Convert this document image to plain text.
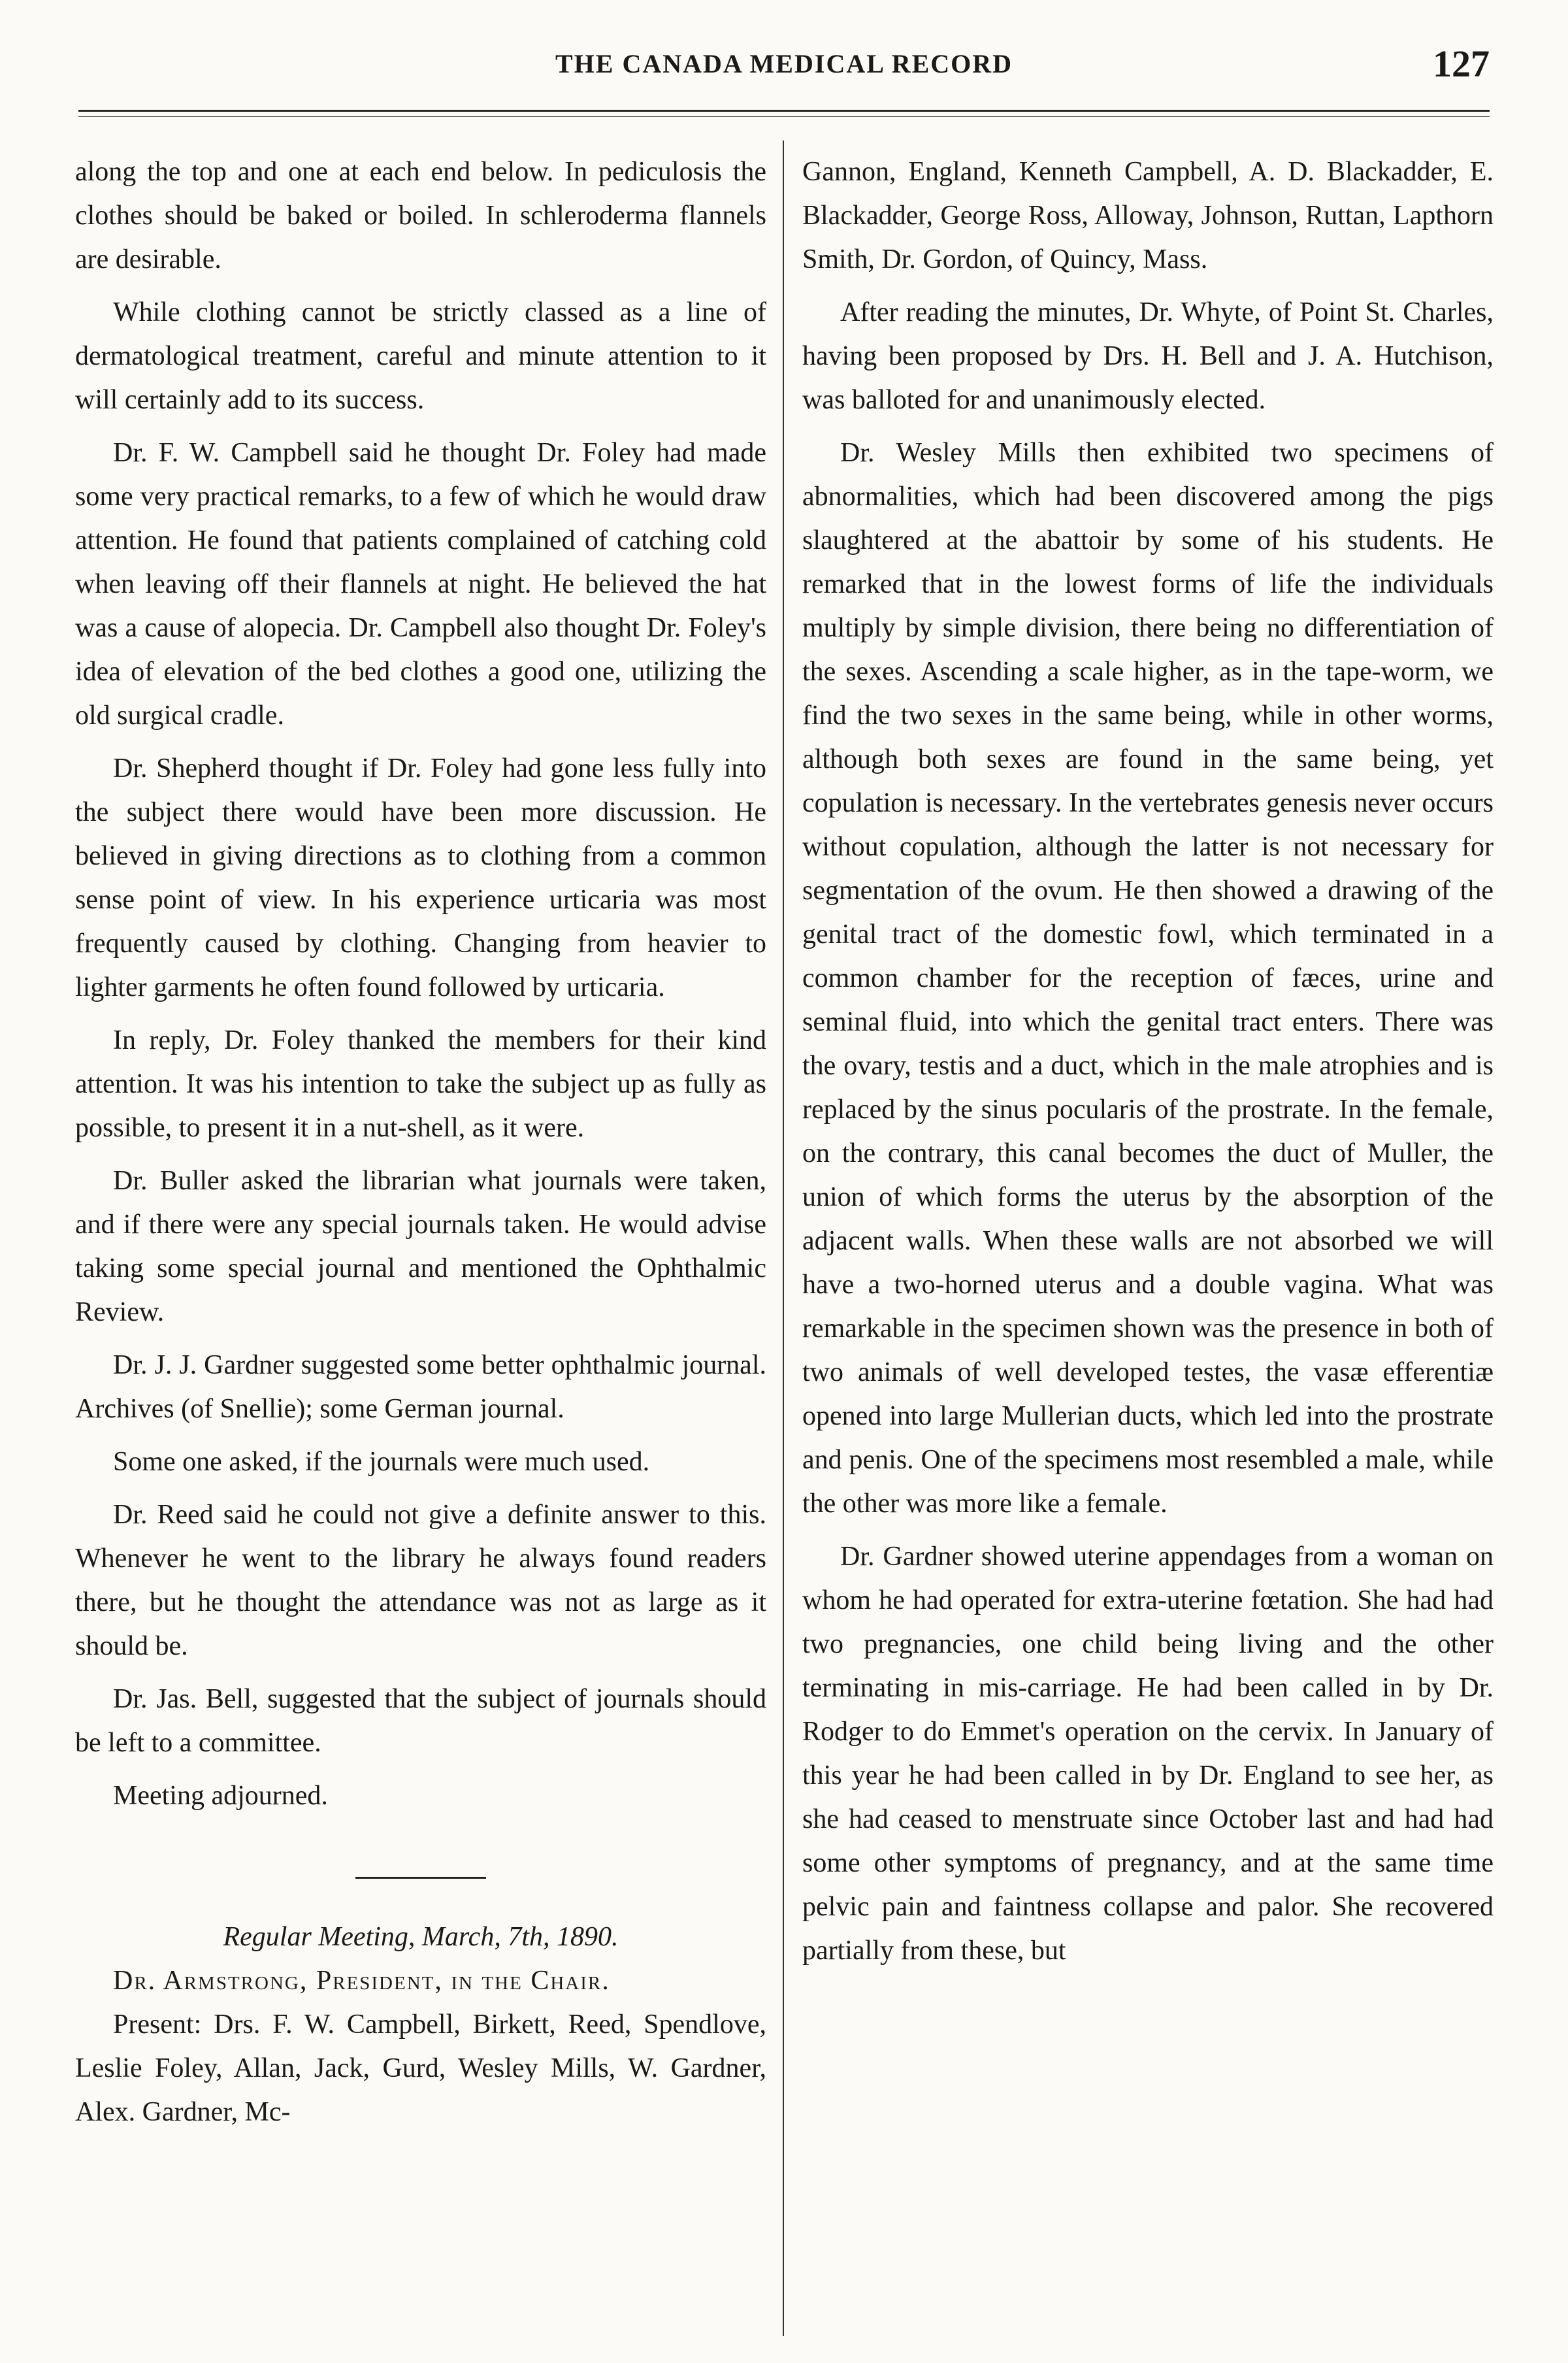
THE CANADA MEDICAL RECORD	127

along the top and one at each end below. In pediculosis the clothes should be baked or boiled. In schleroderma flannels are desirable.

While clothing cannot be strictly classed as a line of dermatological treatment, careful and minute attention to it will certainly add to its success.

Dr. F. W. Campbell said he thought Dr. Foley had made some very practical remarks, to a few of which he would draw attention. He found that patients complained of catching cold when leaving off their flannels at night. He believed the hat was a cause of alopecia. Dr. Campbell also thought Dr. Foley's idea of elevation of the bed clothes a good one, utilizing the old surgical cradle.

Dr. Shepherd thought if Dr. Foley had gone less fully into the subject there would have been more discussion. He believed in giving directions as to clothing from a common sense point of view. In his experience urticaria was most frequently caused by clothing. Changing from heavier to lighter garments he often found followed by urticaria.

In reply, Dr. Foley thanked the members for their kind attention. It was his intention to take the subject up as fully as possible, to present it in a nut-shell, as it were.

Dr. Buller asked the librarian what journals were taken, and if there were any special journals taken. He would advise taking some special journal and mentioned the Ophthalmic Review.

Dr. J. J. Gardner suggested some better ophthalmic journal. Archives (of Snellie); some German journal.

Some one asked, if the journals were much used.

Dr. Reed said he could not give a definite answer to this. Whenever he went to the library he always found readers there, but he thought the attendance was not as large as it should be.

Dr. Jas. Bell, suggested that the subject of journals should be left to a committee.

Meeting adjourned.

Regular Meeting, March, 7th, 1890.

Dr. Armstrong, President, in the Chair.

Present: Drs. F. W. Campbell, Birkett, Reed, Spendlove, Leslie Foley, Allan, Jack, Gurd, Wesley Mills, W. Gardner, Alex. Gardner, Mc-

Gannon, England, Kenneth Campbell, A. D. Blackadder, E. Blackadder, George Ross, Alloway, Johnson, Ruttan, Lapthorn Smith, Dr. Gordon, of Quincy, Mass.

After reading the minutes, Dr. Whyte, of Point St. Charles, having been proposed by Drs. H. Bell and J. A. Hutchison, was balloted for and unanimously elected.

Dr. Wesley Mills then exhibited two specimens of abnormalities, which had been discovered among the pigs slaughtered at the abattoir by some of his students. He remarked that in the lowest forms of life the individuals multiply by simple division, there being no differentiation of the sexes. Ascending a scale higher, as in the tape-worm, we find the two sexes in the same being, while in other worms, although both sexes are found in the same being, yet copulation is necessary. In the vertebrates genesis never occurs without copulation, although the latter is not necessary for segmentation of the ovum. He then showed a drawing of the genital tract of the domestic fowl, which terminated in a common chamber for the reception of fæces, urine and seminal fluid, into which the genital tract enters. There was the ovary, testis and a duct, which in the male atrophies and is replaced by the sinus pocularis of the prostrate. In the female, on the contrary, this canal becomes the duct of Muller, the union of which forms the uterus by the absorption of the adjacent walls. When these walls are not absorbed we will have a two-horned uterus and a double vagina. What was remarkable in the specimen shown was the presence in both of two animals of well developed testes, the vasæ efferentiæ opened into large Mullerian ducts, which led into the prostrate and penis. One of the specimens most resembled a male, while the other was more like a female.

Dr. Gardner showed uterine appendages from a woman on whom he had operated for extra-uterine fœtation. She had had two pregnancies, one child being living and the other terminating in mis-carriage. He had been called in by Dr. Rodger to do Emmet's operation on the cervix. In January of this year he had been called in by Dr. England to see her, as she had ceased to menstruate since October last and had had some other symptoms of pregnancy, and at the same time pelvic pain and faintness collapse and palor. She recovered partially from these, but
